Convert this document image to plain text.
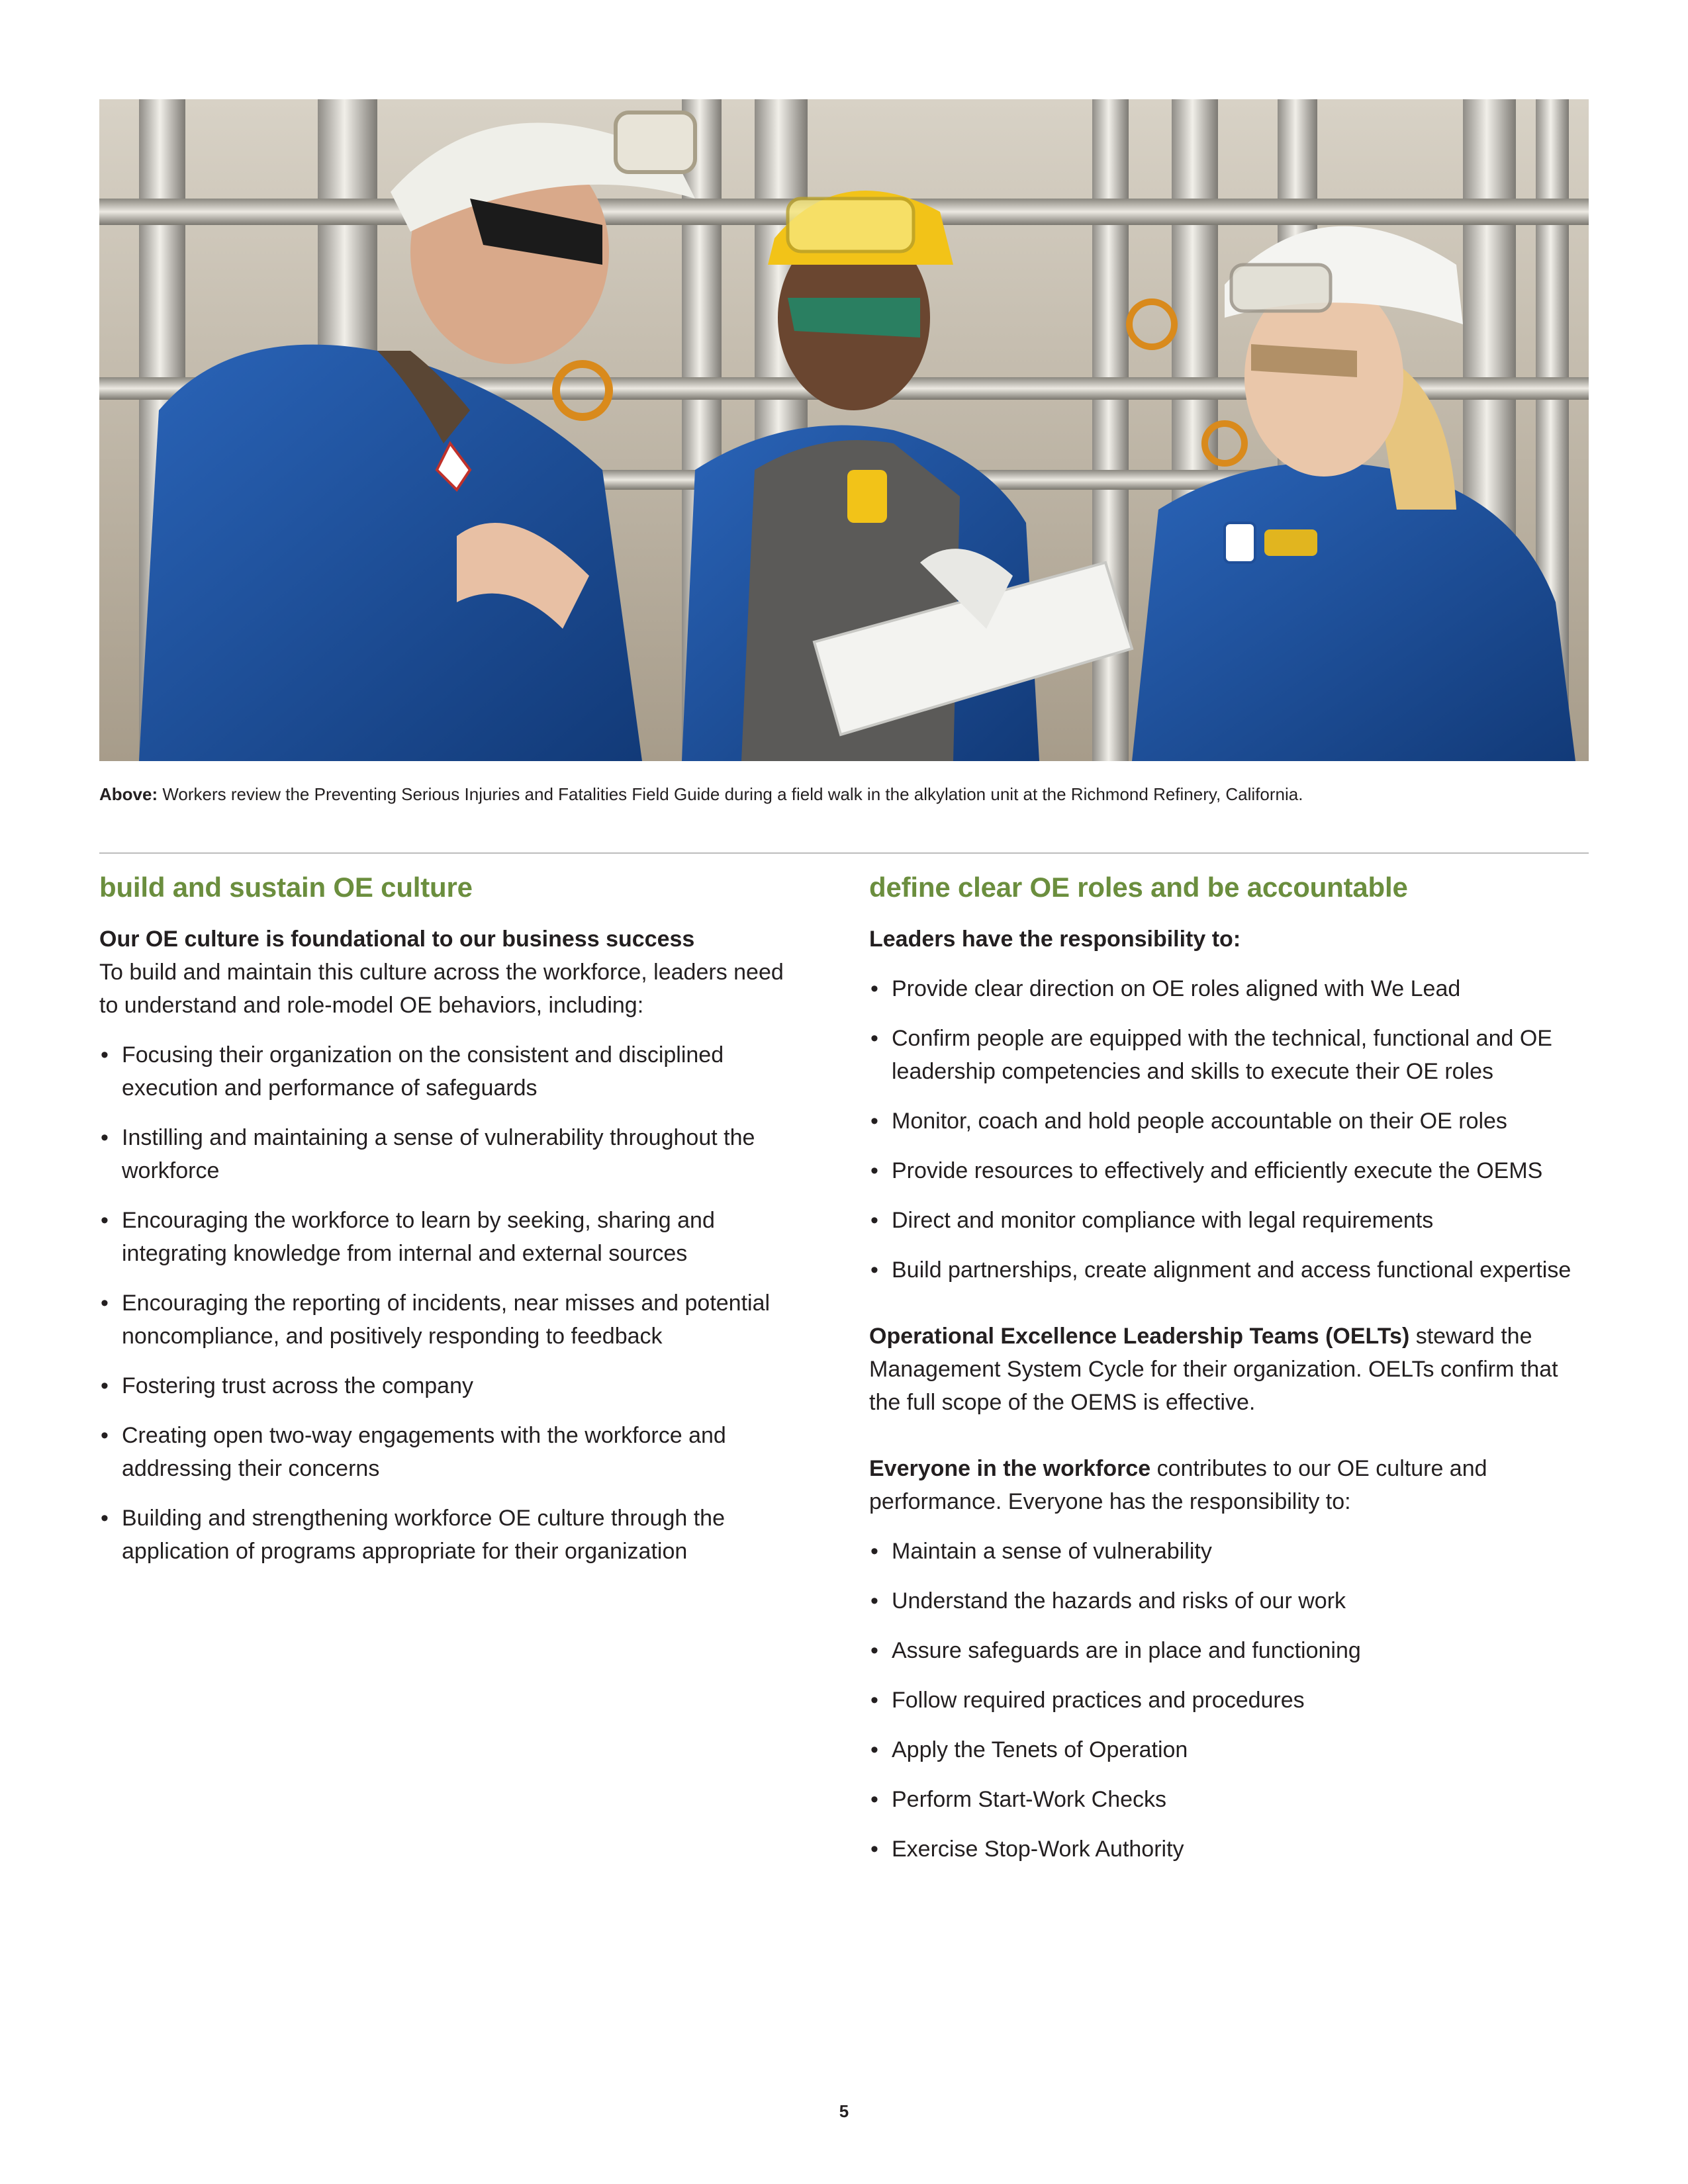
Above: Workers review the Preventing Serious Injuries and Fatalities Field Guide during a field walk in the alkylation unit at the Richmond Refinery, California.
build and sustain OE culture

Our OE culture is foundational to our business success

To build and maintain this culture across the workforce, leaders need to understand and role-model OE behaviors, including:

• Focusing their organization on the consistent and disciplined execution and performance of safeguards
• Instilling and maintaining a sense of vulnerability throughout the workforce
• Encouraging the workforce to learn by seeking, sharing and integrating knowledge from internal and external sources
• Encouraging the reporting of incidents, near misses and potential noncompliance, and positively responding to feedback
• Fostering trust across the company
• Creating open two-way engagements with the workforce and addressing their concerns
• Building and strengthening workforce OE culture through the application of programs appropriate for their organization
define clear OE roles and be accountable

Leaders have the responsibility to:

• Provide clear direction on OE roles aligned with We Lead
• Confirm people are equipped with the technical, functional and OE leadership competencies and skills to execute their OE roles
• Monitor, coach and hold people accountable on their OE roles
• Provide resources to effectively and efficiently execute the OEMS
• Direct and monitor compliance with legal requirements
• Build partnerships, create alignment and access functional expertise

Operational Excellence Leadership Teams (OELTs) steward the Management System Cycle for their organization. OELTs confirm that the full scope of the OEMS is effective.

Everyone in the workforce contributes to our OE culture and performance. Everyone has the responsibility to:

• Maintain a sense of vulnerability
• Understand the hazards and risks of our work
• Assure safeguards are in place and functioning
• Follow required practices and procedures
• Apply the Tenets of Operation
• Perform Start-Work Checks
• Exercise Stop-Work Authority
5
